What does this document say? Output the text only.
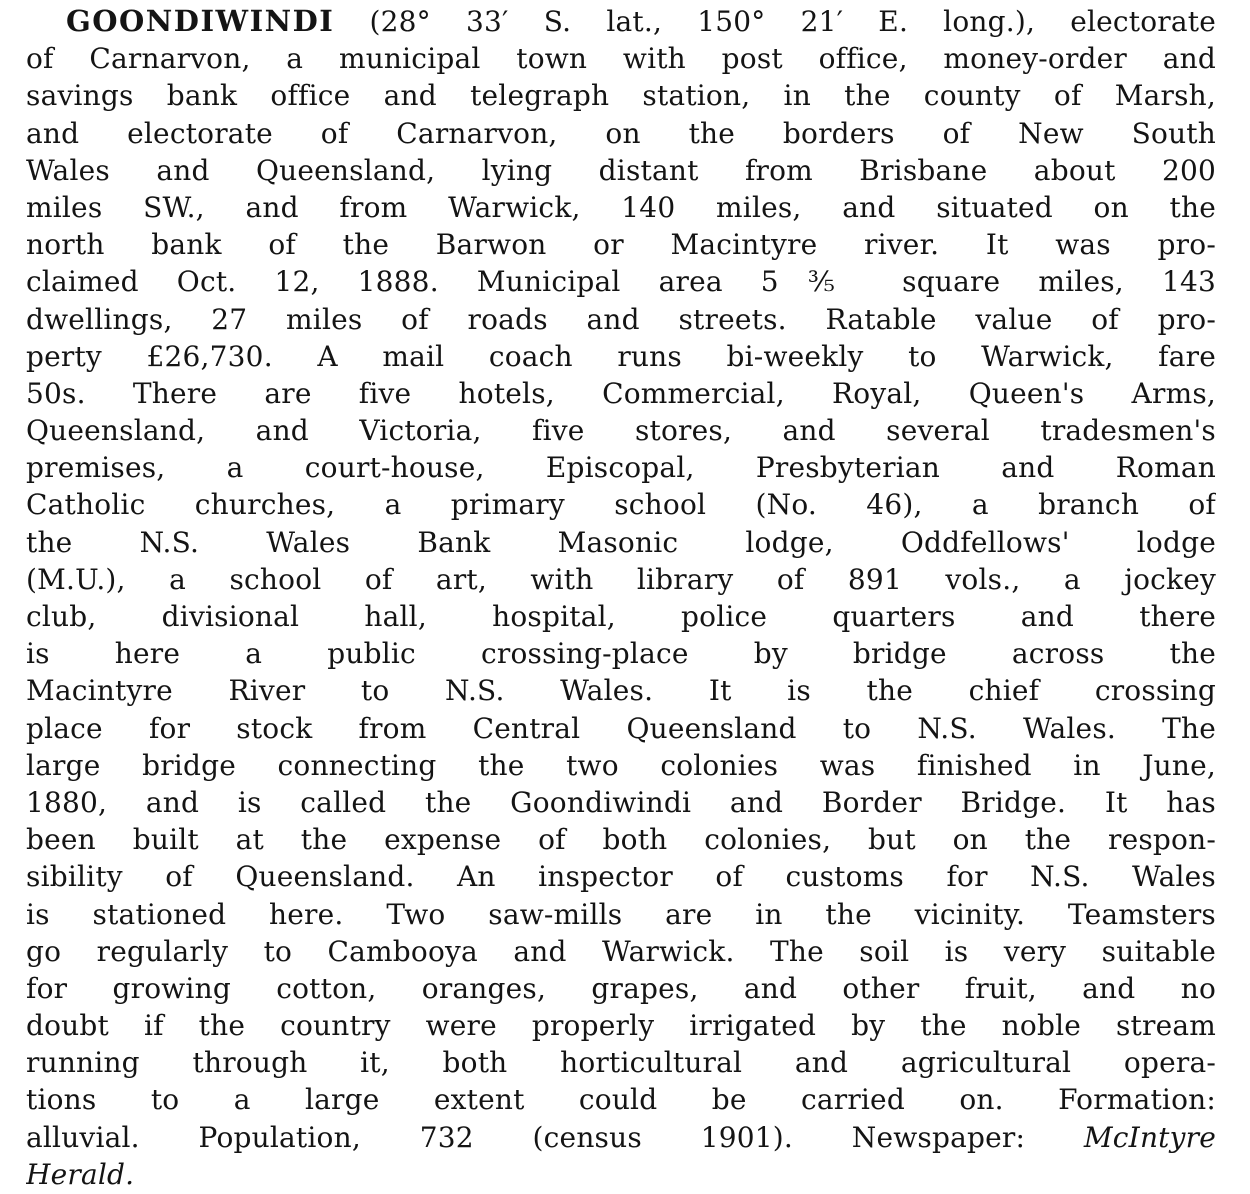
GOONDIWINDI (28° 33′ S. lat., 150° 21′ E. long.), electorate
of Carnarvon, a municipal town with post office, money-order and
savings bank office and telegraph station, in the county of Marsh,
and electorate of Carnarvon, on the borders of New South
Wales and Queensland, lying distant from Brisbane about 200
miles SW., and from Warwick, 140 miles, and situated on the
north bank of the Barwon or Macintyre river. It was pro-
claimed Oct. 12, 1888. Municipal area 5⅗ square miles, 143
dwellings, 27 miles of roads and streets. Ratable value of pro-
perty £26,730. A mail coach runs bi-weekly to Warwick, fare
50s. There are five hotels, Commercial, Royal, Queen's Arms,
Queensland, and Victoria, five stores, and several tradesmen's
premises, a court-house, Episcopal, Presbyterian and Roman
Catholic churches, a primary school (No. 46), a branch of
the N.S. Wales Bank Masonic lodge, Oddfellows' lodge
(M.U.), a school of art, with library of 891 vols., a jockey
club, divisional hall, hospital, police quarters and there
is here a public crossing-place by bridge across the
Macintyre River to N.S. Wales. It is the chief crossing
place for stock from Central Queensland to N.S. Wales. The
large bridge connecting the two colonies was finished in June,
1880, and is called the Goondiwindi and Border Bridge. It has
been built at the expense of both colonies, but on the respon-
sibility of Queensland. An inspector of customs for N.S. Wales
is stationed here. Two saw-mills are in the vicinity. Teamsters
go regularly to Cambooya and Warwick. The soil is very suitable
for growing cotton, oranges, grapes, and other fruit, and no
doubt if the country were properly irrigated by the noble stream
running through it, both horticultural and agricultural opera-
tions to a large extent could be carried on. Formation:
alluvial. Population, 732 (census 1901). Newspaper: McIntyre
Herald.
